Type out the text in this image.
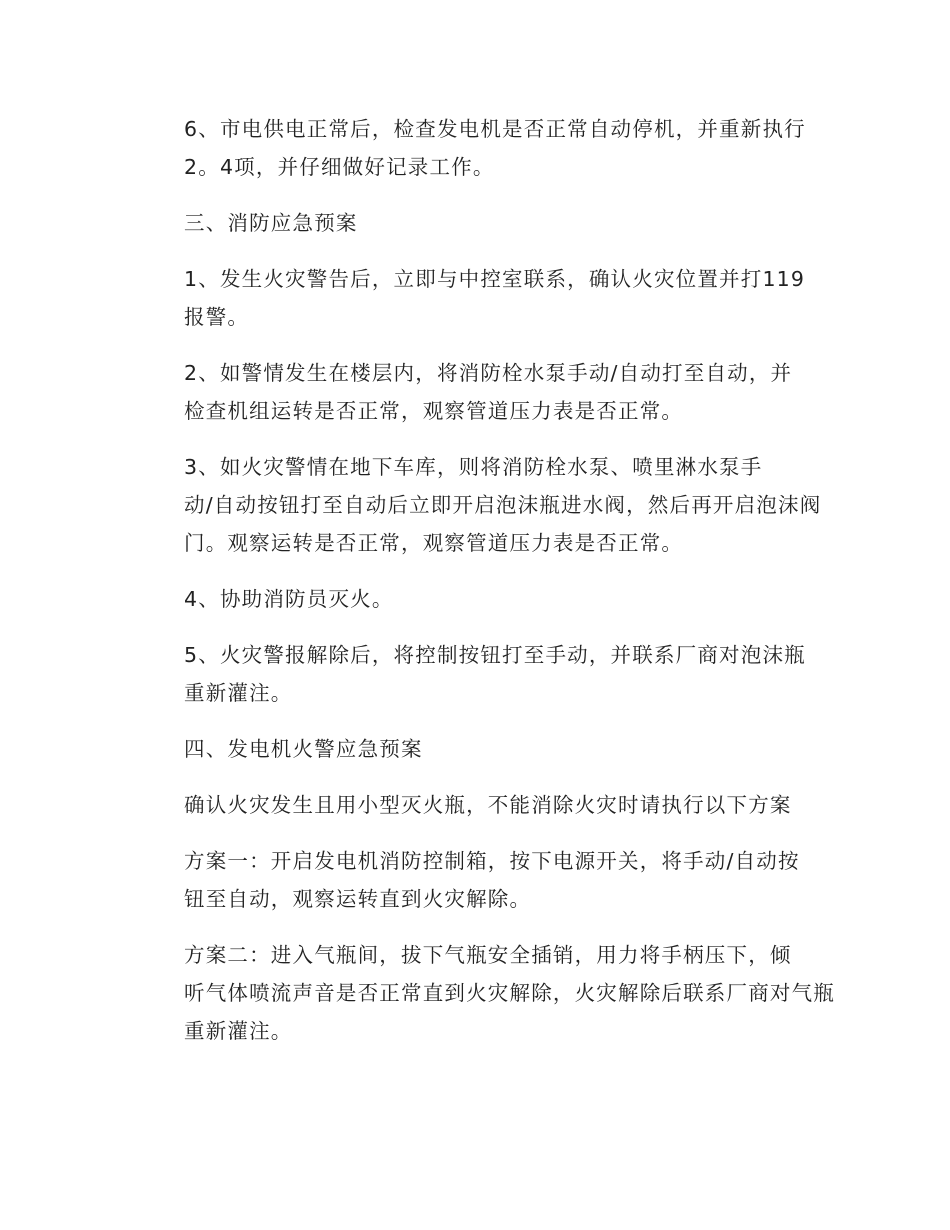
6、市电供电正常后，检查发电机是否正常自动停机，并重新执行
2。4项，并仔细做好记录工作。

三、消防应急预案

1、发生火灾警告后，立即与中控室联系，确认火灾位置并打119
报警。

2、如警情发生在楼层内，将消防栓水泵手动/自动打至自动，并
检查机组运转是否正常，观察管道压力表是否正常。

3、如火灾警情在地下车库，则将消防栓水泵、喷里淋水泵手
动/自动按钮打至自动后立即开启泡沫瓶进水阀，然后再开启泡沫阀
门。观察运转是否正常，观察管道压力表是否正常。

4、协助消防员灭火。

5、火灾警报解除后，将控制按钮打至手动，并联系厂商对泡沫瓶
重新灌注。

四、发电机火警应急预案

确认火灾发生且用小型灭火瓶，不能消除火灾时请执行以下方案

方案一：开启发电机消防控制箱，按下电源开关，将手动/自动按
钮至自动，观察运转直到火灾解除。

方案二：进入气瓶间，拔下气瓶安全插销，用力将手柄压下，倾
听气体喷流声音是否正常直到火灾解除，火灾解除后联系厂商对气瓶
重新灌注。
